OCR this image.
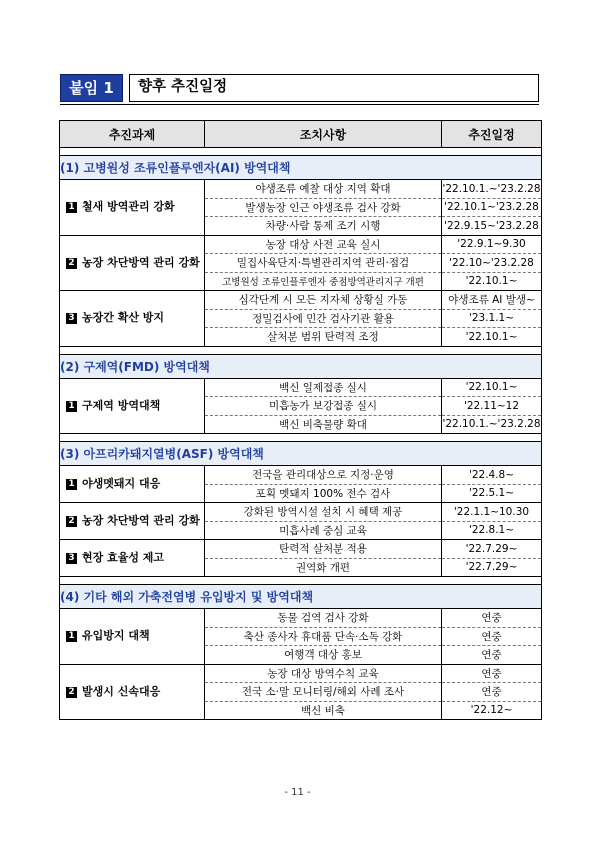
붙임 1	향후 추진일정
추진과제	조치사항	추진일정

(1) 고병원성 조류인플루엔자(AI) 방역대책		
1 철새 방역관리 강화	야생조류 예찰 대상 지역 확대	'22.10.1.~'23.2.28
	발생농장 인근 야생조류 검사 강화	'22.10.1~'23.2.28
	차량·사람 통제 조기 시행	'22.9.15~'23.2.28
2 농장 차단방역 관리 강화	농장 대상 사전 교육 실시	'22.9.1~9.30
	밀집사육단지·특별관리지역 관리·점검	'22.10~'23.2.28
	고병원성 조류인플루엔자 중점방역관리지구 개편	'22.10.1~
3 농장간 확산 방지	심각단계 시 모든 지자체 상황실 가동	야생조류 AI 발생~
	정밀검사에 민간 검사기관 활용	'23.1.1~
	살처분 범위 탄력적 조정	'22.10.1~

(2) 구제역(FMD) 방역대책		
1 구제역 방역대책	백신 일제접종 실시	'22.10.1~
	미흡농가 보강접종 실시	'22.11~12
	백신 비축물량 확대	'22.10.1.~'23.2.28

(3) 아프리카돼지열병(ASF) 방역대책		
1 야생멧돼지 대응	전국을 관리대상으로 지정·운영	'22.4.8~
	포획 멧돼지 100% 전수 검사	'22.5.1~
2 농장 차단방역 관리 강화	강화된 방역시설 설치 시 혜택 제공	'22.1.1~10.30
	미흡사례 중심 교육	'22.8.1~
3 현장 효율성 제고	탄력적 살처분 적용	'22.7.29~
	권역화 개편	'22.7.29~

(4) 기타 해외 가축전염병 유입방지 및 방역대책		
1 유입방지 대책	동물 검역 검사 강화	연중
	축산 종사자 휴대품 단속·소독 강화	연중
	여행객 대상 홍보	연중
2 발생시 신속대응	농장 대상 방역수칙 교육	연중
	전국 소·말 모니터링/해외 사례 조사	연중
	백신 비축	'22.12~
- 11 -
